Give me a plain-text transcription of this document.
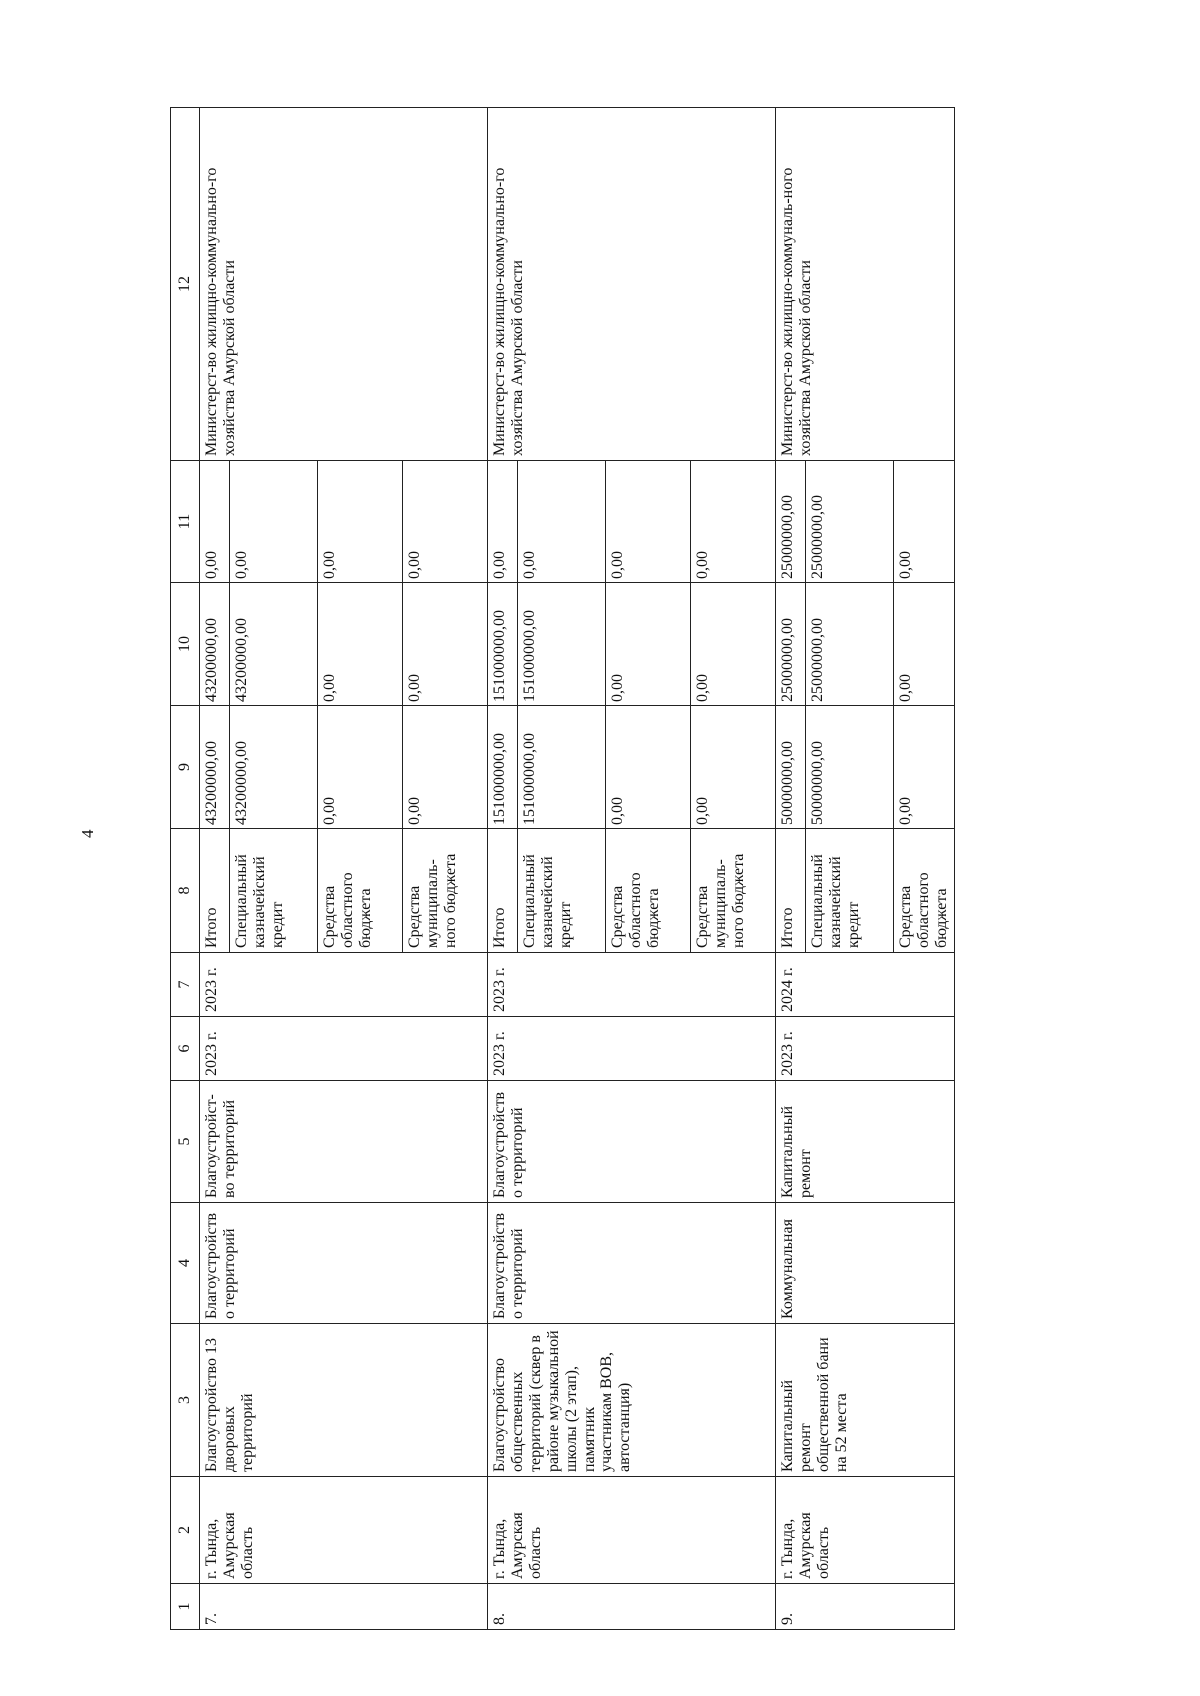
4
1	2	3	4	5	6	7	8	9	10	11	12
7.	г. Тында, Амурская область	Благоустройство 13 дворовых территорий	Благоустройство территорий	Благоустройст-во территорий	2023 г.	2023 г.	Итого	43200000,00	43200000,00	0,00	Министерст-во жилищно-коммунально-го хозяйства Амурской области
							Специальный казначейский кредит	43200000,00	43200000,00	0,00	
							Средства областного бюджета	0,00	0,00	0,00	
							Средства муниципаль-ного бюджета	0,00	0,00	0,00	
8.	г. Тында, Амурская область	Благоустройство общественных территорий (сквер в районе музыкальной школы (2 этап), памятник участникам ВОВ, автостанция)	Благоустройство территорий	Благоустройство территорий	2023 г.	2023 г.	Итого	151000000,00	151000000,00	0,00	Министерст-во жилищно-коммунально-го хозяйства Амурской области
							Специальный казначейский кредит	151000000,00	151000000,00	0,00	
							Средства областного бюджета	0,00	0,00	0,00	
							Средства муниципаль-ного бюджета	0,00	0,00	0,00	
9.	г. Тында, Амурская область	Капитальный ремонт общественной бани на 52 места	Коммунальная	Капитальный ремонт	2023 г.	2024 г.	Итого	50000000,00	25000000,00	25000000,00	Министерст-во жилищно-коммуналь-ного хозяйства Амурской области
							Специальный казначейский кредит	50000000,00	25000000,00	25000000,00	
							Средства областного бюджета	0,00	0,00	0,00	
